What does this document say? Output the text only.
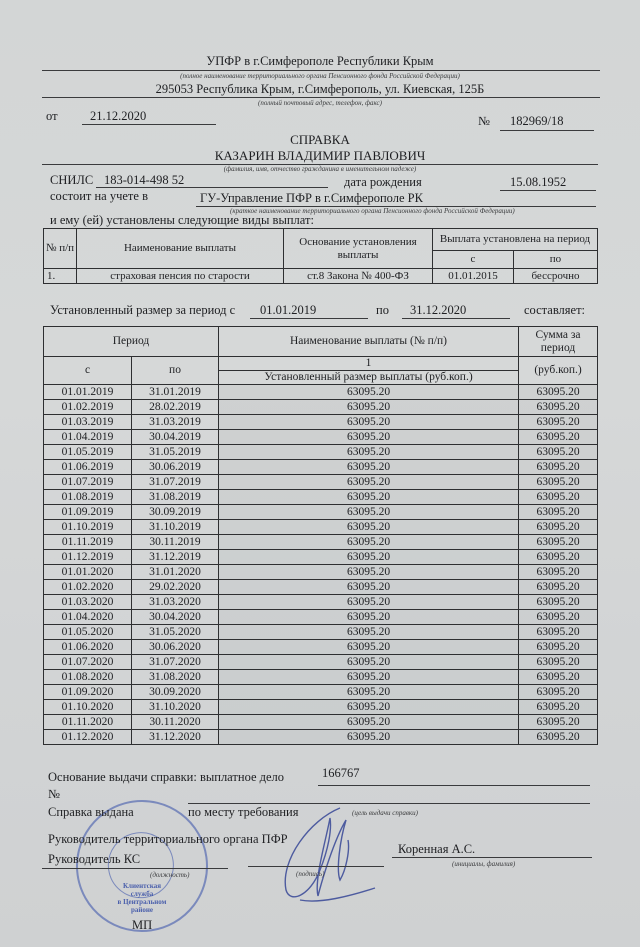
УПФР в г.Симферополе Республики Крым
(полное наименование территориального органа Пенсионного фонда Российской Федерации)
295053 Республика Крым, г.Симферополь, ул. Киевская, 125Б
(полный почтовый адрес, телефон, факс)
от	21.12.2020	№ 182969/18
СПРАВКА
КАЗАРИН ВЛАДИМИР ПАВЛОВИЧ
(фамилия, имя, отчество гражданина в именительном падеже)
СНИЛС 183-014-498 52	дата рождения	15.08.1952
состоит на учете в	ГУ-Управление ПФР в г.Симферополе РК
(краткое наименование территориального органа Пенсионного фонда Российской Федерации)
и ему (ей) установлены следующие виды выплат:
№ п/п	Наименование выплаты	Основание установления выплаты	Выплата установлена на период	
			с	по
1.	страховая пенсия по старости	ст.8 Закона № 400-ФЗ	01.01.2015	бессрочно
Установленный размер за период с 01.01.2019	по 31.12.2020	составляет:
Период		Наименование выплаты (№ п/п)	Сумма за период
с	по	1	(руб.коп.)
		Установленный размер выплаты (руб.коп.)	
01.01.2019	31.01.2019	63095.20	63095.20
01.02.2019	28.02.2019	63095.20	63095.20
01.03.2019	31.03.2019	63095.20	63095.20
01.04.2019	30.04.2019	63095.20	63095.20
01.05.2019	31.05.2019	63095.20	63095.20
01.06.2019	30.06.2019	63095.20	63095.20
01.07.2019	31.07.2019	63095.20	63095.20
01.08.2019	31.08.2019	63095.20	63095.20
01.09.2019	30.09.2019	63095.20	63095.20
01.10.2019	31.10.2019	63095.20	63095.20
01.11.2019	30.11.2019	63095.20	63095.20
01.12.2019	31.12.2019	63095.20	63095.20
01.01.2020	31.01.2020	63095.20	63095.20
01.02.2020	29.02.2020	63095.20	63095.20
01.03.2020	31.03.2020	63095.20	63095.20
01.04.2020	30.04.2020	63095.20	63095.20
01.05.2020	31.05.2020	63095.20	63095.20
01.06.2020	30.06.2020	63095.20	63095.20
01.07.2020	31.07.2020	63095.20	63095.20
01.08.2020	31.08.2020	63095.20	63095.20
01.09.2020	30.09.2020	63095.20	63095.20
01.10.2020	31.10.2020	63095.20	63095.20
01.11.2020	30.11.2020	63095.20	63095.20
01.12.2020	31.12.2020	63095.20	63095.20
Основание выдачи справки: выплатное дело	166767
№
Справка выдана	по месту требования	(цель выдачи справки)
Руководитель территориального органа ПФР
Руководитель КС
(должность)	(подпись)
Коренная А.С.
(инициалы, фамилия)
Клиентская
служба
в Центральном
районе
МП
